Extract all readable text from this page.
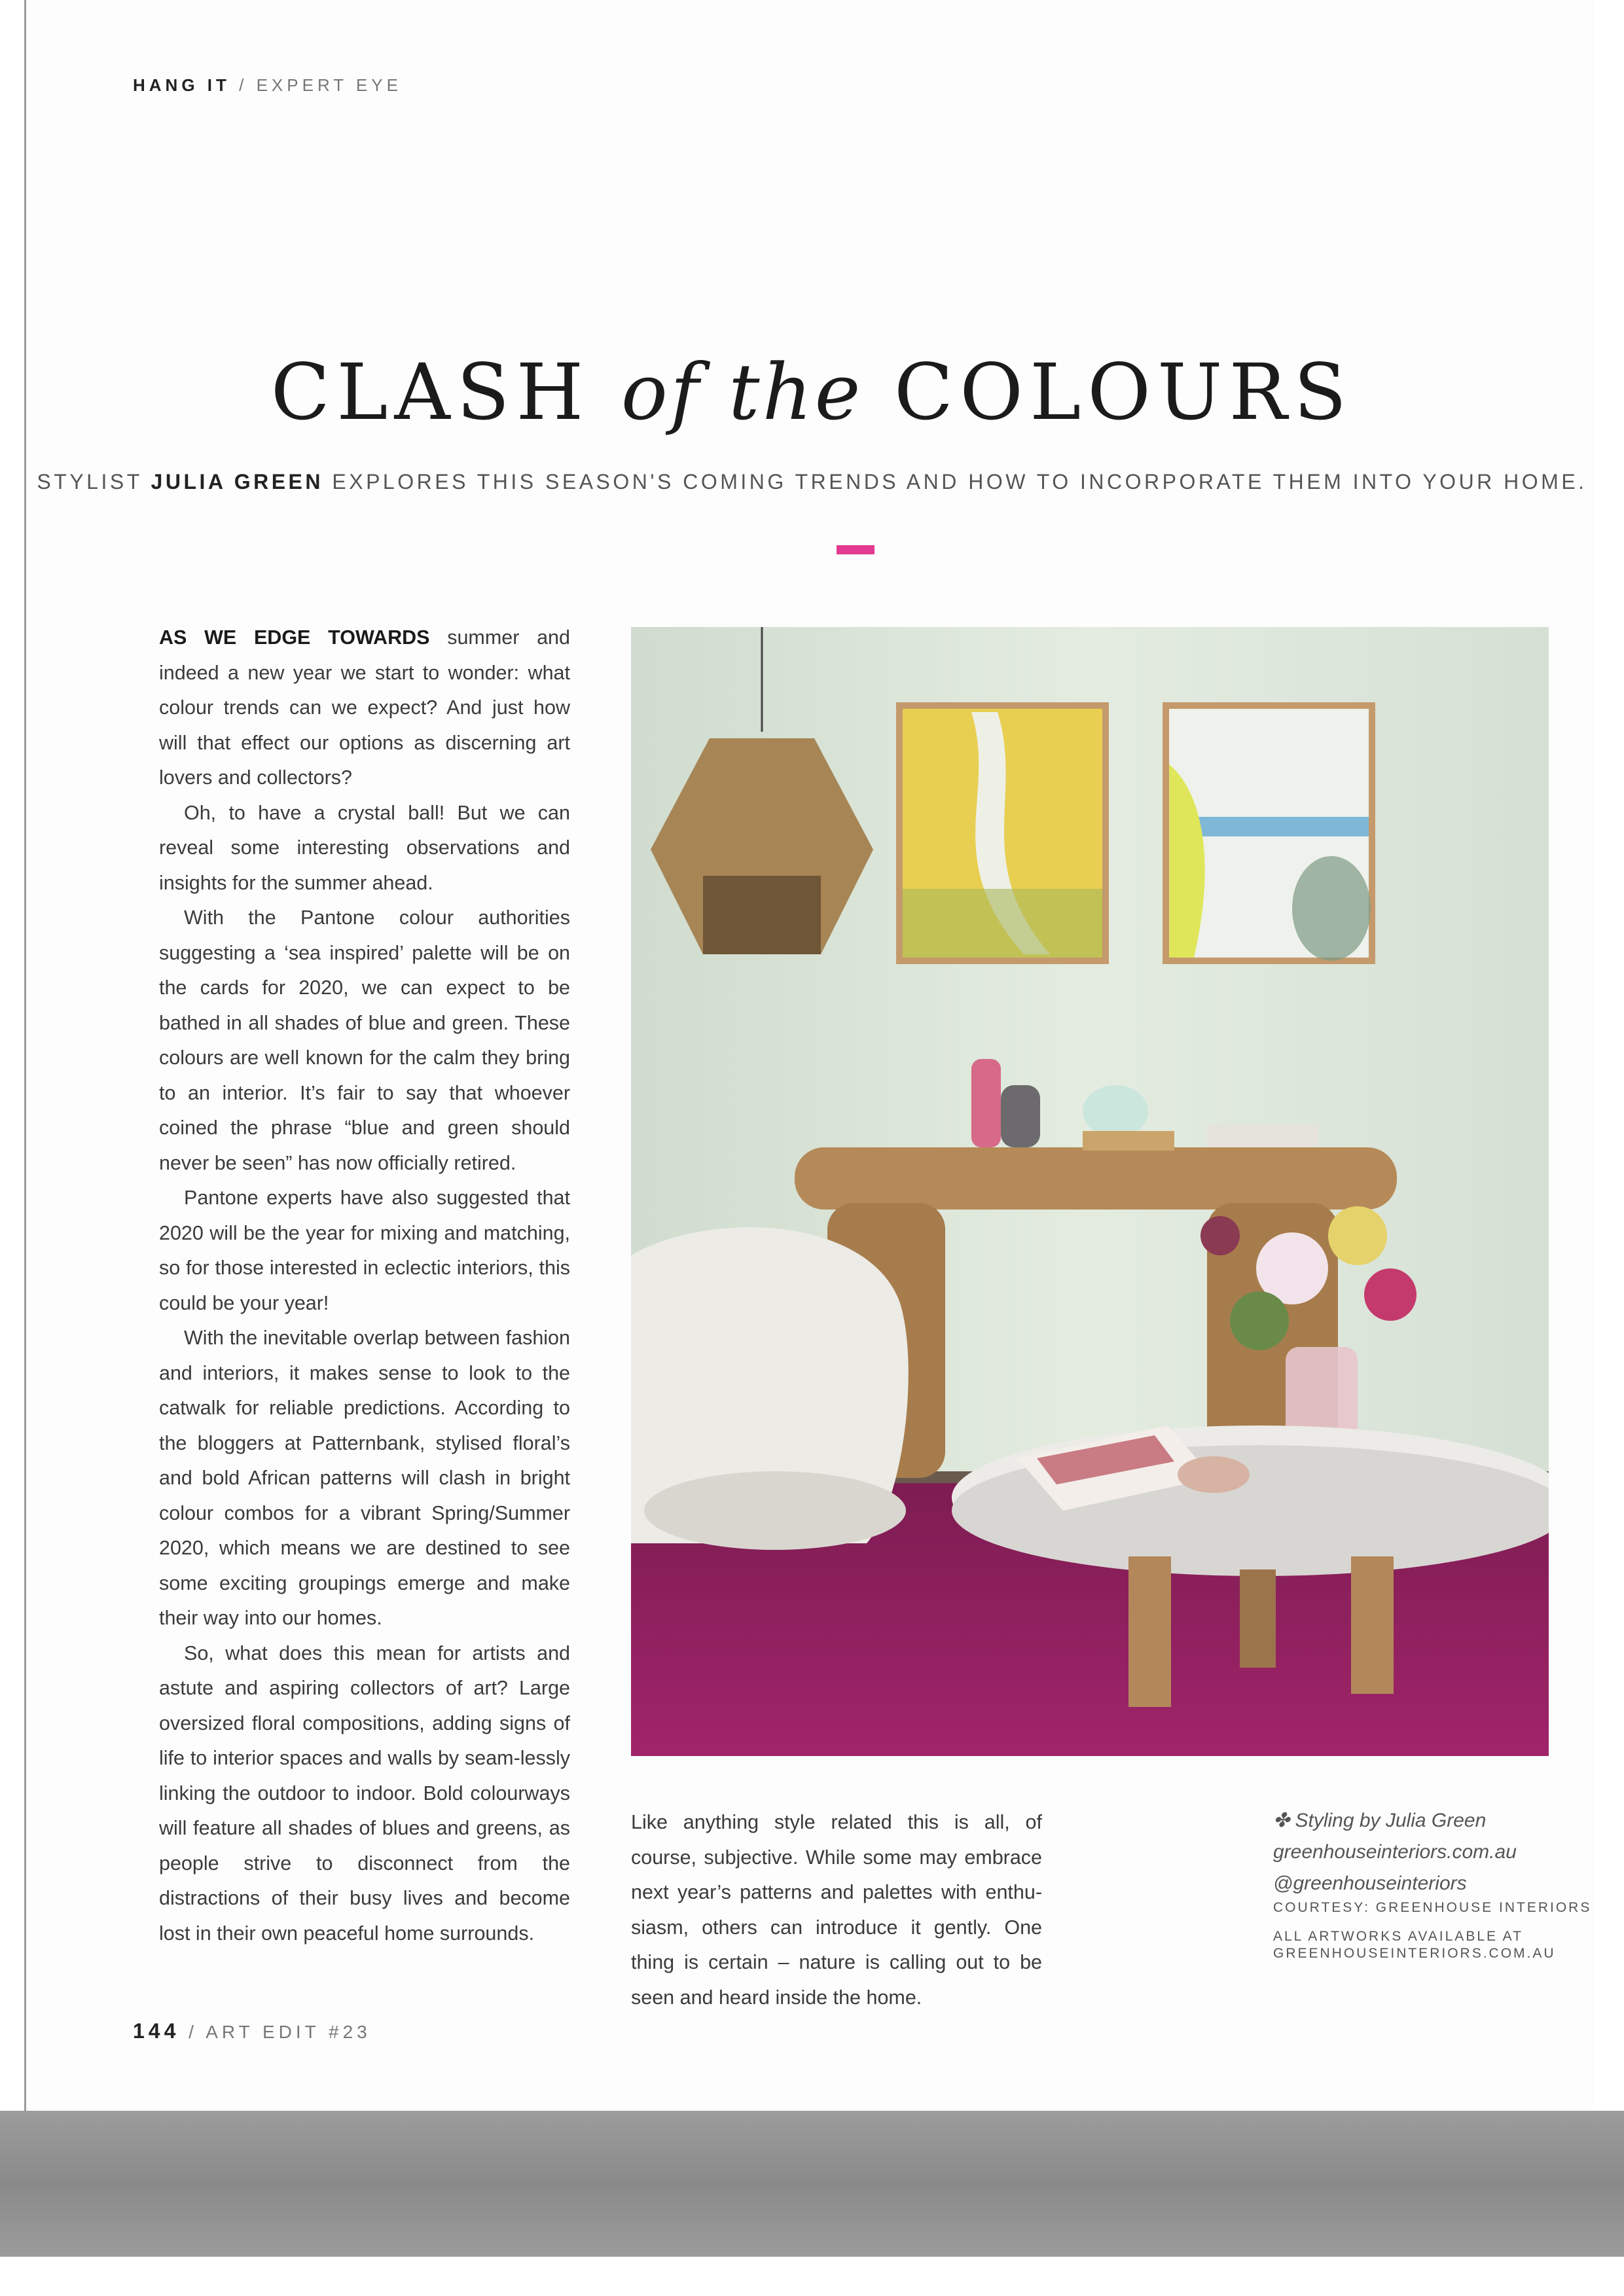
HANG IT / EXPERT EYE
CLASH of the COLOURS
STYLIST JULIA GREEN EXPLORES THIS SEASON'S COMING TRENDS AND HOW TO INCORPORATE THEM INTO YOUR HOME.

AS WE EDGE TOWARDS summer and indeed a new year we start to wonder: what colour trends can we expect? And just how will that effect our options as discerning art lovers and collectors?

Oh, to have a crystal ball! But we can reveal some interesting observations and insights for the summer ahead.

With the Pantone colour authorities suggesting a ‘sea inspired’ palette will be on the cards for 2020, we can expect to be bathed in all shades of blue and green. These colours are well known for the calm they bring to an interior. It’s fair to say that whoever coined the phrase “blue and green should never be seen” has now officially retired.

Pantone experts have also suggested that 2020 will be the year for mixing and matching, so for those interested in eclectic interiors, this could be your year!

With the inevitable overlap between fashion and interiors, it makes sense to look to the catwalk for reliable predictions. According to the bloggers at Patternbank, stylised floral’s and bold African patterns will clash in bright colour combos for a vibrant Spring/Summer 2020, which means we are destined to see some exciting groupings emerge and make their way into our homes.

So, what does this mean for artists and astute and aspiring collectors of art? Large oversized floral compositions, adding signs of life to interior spaces and walls by seam-lessly linking the outdoor to indoor. Bold colourways will feature all shades of blues and greens, as people strive to disconnect from the distractions of their busy lives and become lost in their own peaceful home surrounds.

Like anything style related this is all, of course, subjective. While some may embrace next year’s patterns and palettes with enthu-siasm, others can introduce it gently. One thing is certain – nature is calling out to be seen and heard inside the home.

✤ Styling by Julia Green
greenhouseinteriors.com.au
@greenhouseinteriors
COURTESY: GREENHOUSE INTERIORS
ALL ARTWORKS AVAILABLE AT
GREENHOUSEINTERIORS.COM.AU
144 / ART EDIT #23
